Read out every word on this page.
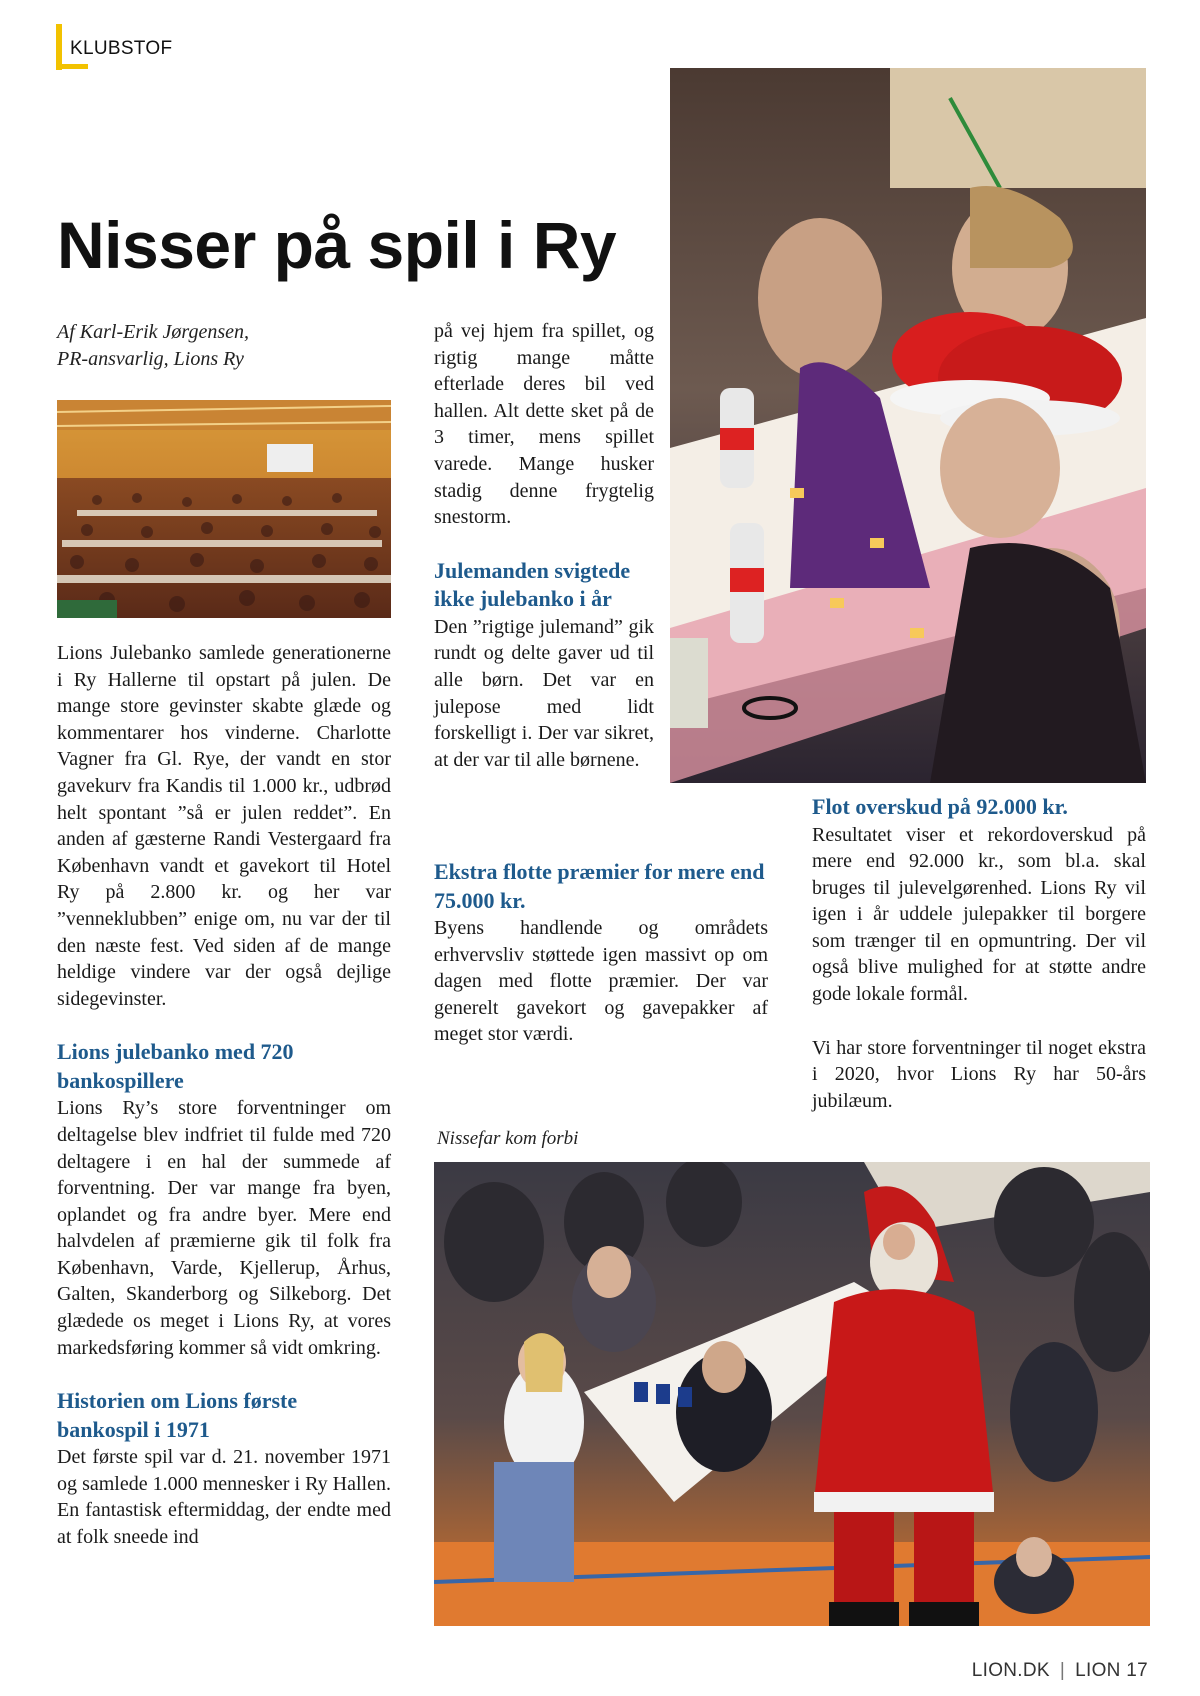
KLUBSTOF
Nisser på spil i Ry
Af Karl-Erik Jørgensen,
PR-ansvarlig, Lions Ry

Lions Julebanko samlede generationerne i Ry Hallerne til opstart på julen. De mange store gevinster skabte glæde og kommentarer hos vinderne. Charlotte Vagner fra Gl. Rye, der vandt en stor gavekurv fra Kandis til 1.000 kr., udbrød helt spontant ”så er julen reddet”. En anden af gæsterne Randi Vestergaard fra København vandt et gavekort til Hotel Ry på 2.800 kr. og her var ”venneklubben” enige om, nu var der til den næste fest. Ved siden af de mange heldige vindere var der også dejlige sidegevinster.

Lions julebanko med 720 bankospillere

Lions Ry’s store forventninger om deltagelse blev indfriet til fulde med 720 deltagere i en hal der summede af forventning. Der var mange fra byen, oplandet og fra andre byer. Mere end halvdelen af præmierne gik til folk fra København, Varde, Kjellerup, Århus, Galten, Skanderborg og Silkeborg. Det glædede os meget i Lions Ry, at vores markedsføring kommer så vidt omkring.

Historien om Lions første bankospil i 1971

Det første spil var d. 21. november 1971 og samlede 1.000 mennesker i Ry Hallen. En fantastisk eftermiddag, der endte med at folk sneede ind

på vej hjem fra spillet, og rigtig mange måtte efterlade deres bil ved hallen. Alt dette sket på de 3 timer, mens spillet varede. Mange husker stadig denne frygtelig snestorm.

Julemanden svigtede ikke julebanko i år

Den ”rigtige julemand” gik rundt og delte gaver ud til alle børn. Det var en julepose med lidt forskelligt i. Der var sikret, at der var til alle børnene.

Ekstra flotte præmier for mere end 75.000 kr.

Byens handlende og områdets erhvervsliv støttede igen massivt op om dagen med flotte præmier. Der var generelt gavekort og gavepakker af meget stor værdi.

Flot overskud på 92.000 kr.

Resultatet viser et rekordoverskud på mere end 92.000 kr., som bl.a. skal bruges til julevelgørenhed. Lions Ry vil igen i år uddele julepakker til borgere som trænger til en opmuntring. Der vil også blive mulighed for at støtte andre gode lokale formål.

Vi har store forventninger til noget ekstra i 2020, hvor Lions Ry har 50-års jubilæum.

Nissefar kom forbi
LION.DK | LION 17
